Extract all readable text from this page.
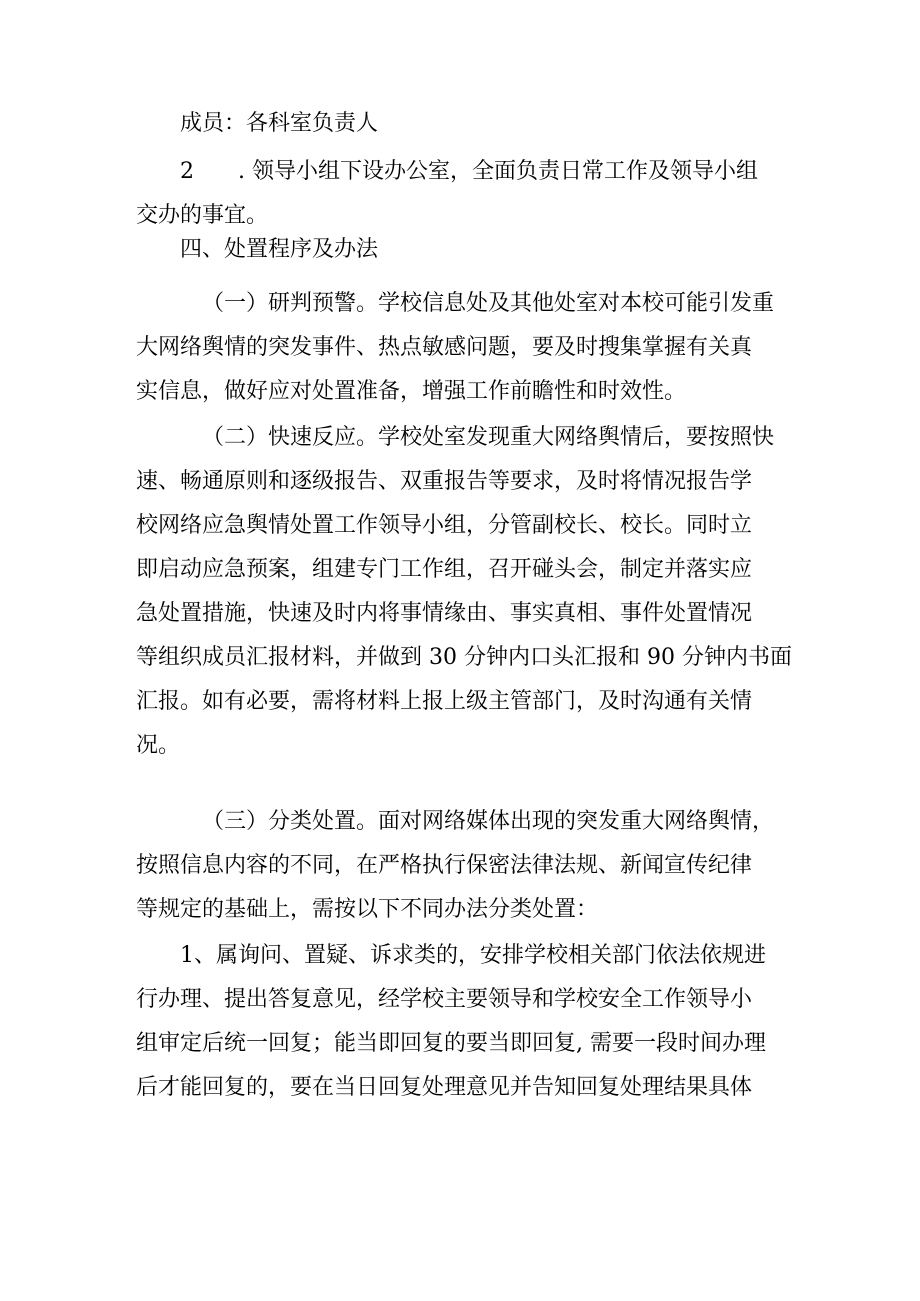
成员：各科室负责人

2　　. 领导小组下设办公室，全面负责日常工作及领导小组
交办的事宜。

四、处置程序及办法

（一）研判预警。学校信息处及其他处室对本校可能引发重
大网络舆情的突发事件、热点敏感问题，要及时搜集掌握有关真
实信息，做好应对处置准备，增强工作前瞻性和时效性。

（二）快速反应。学校处室发现重大网络舆情后，要按照快
速、畅通原则和逐级报告、双重报告等要求，及时将情况报告学
校网络应急舆情处置工作领导小组，分管副校长、校长。同时立
即启动应急预案，组建专门工作组，召开碰头会，制定并落实应
急处置措施，快速及时内将事情缘由、事实真相、事件处置情况
等组织成员汇报材料，并做到 30 分钟内口头汇报和 90 分钟内书面
汇报。如有必要，需将材料上报上级主管部门，及时沟通有关情
况。

（三）分类处置。面对网络媒体出现的突发重大网络舆情，
按照信息内容的不同，在严格执行保密法律法规、新闻宣传纪律
等规定的基础上，需按以下不同办法分类处置：

1、属询问、置疑、诉求类的，安排学校相关部门依法依规进
行办理、提出答复意见，经学校主要领导和学校安全工作领导小
组审定后统一回复；能当即回复的要当即回复, 需要一段时间办理
后才能回复的，要在当日回复处理意见并告知回复处理结果具体
